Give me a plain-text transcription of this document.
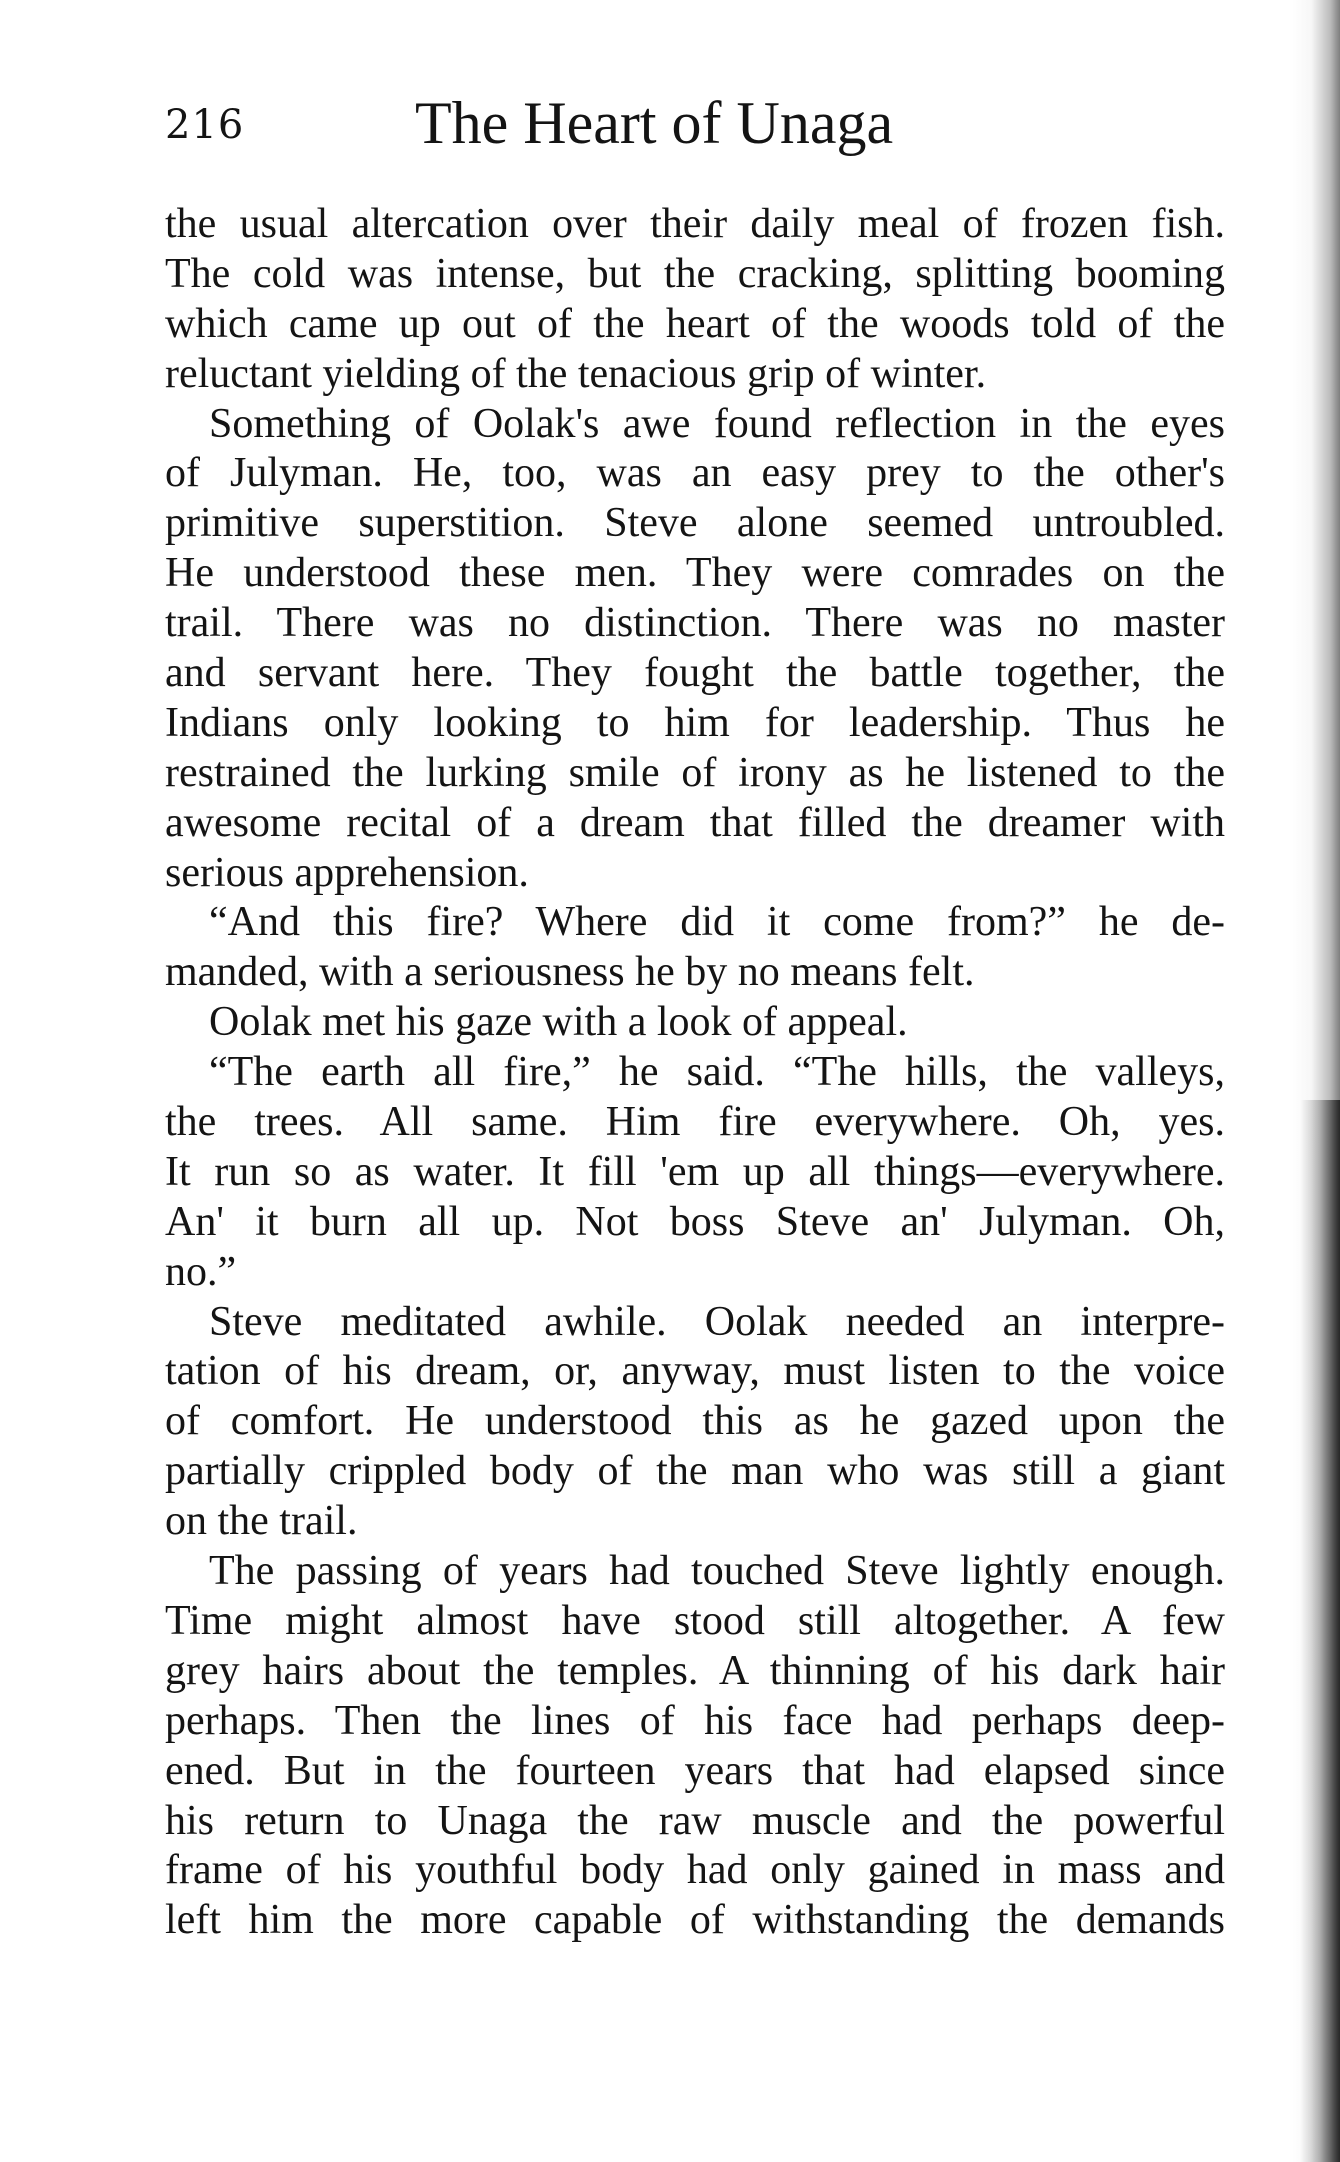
216	The Heart of Unaga
the usual altercation over their daily meal of frozen fish.
The cold was intense, but the cracking, splitting booming
which came up out of the heart of the woods told of the
reluctant yielding of the tenacious grip of winter.
Something of Oolak's awe found reflection in the eyes
of Julyman. He, too, was an easy prey to the other's
primitive superstition. Steve alone seemed untroubled.
He understood these men. They were comrades on the
trail. There was no distinction. There was no master
and servant here. They fought the battle together, the
Indians only looking to him for leadership. Thus he
restrained the lurking smile of irony as he listened to the
awesome recital of a dream that filled the dreamer with
serious apprehension.
“And this fire? Where did it come from?” he de-
manded, with a seriousness he by no means felt.
Oolak met his gaze with a look of appeal.
“The earth all fire,” he said. “The hills, the valleys,
the trees. All same. Him fire everywhere. Oh, yes.
It run so as water. It fill 'em up all things—everywhere.
An' it burn all up. Not boss Steve an' Julyman. Oh,
no.”
Steve meditated awhile. Oolak needed an interpre-
tation of his dream, or, anyway, must listen to the voice
of comfort. He understood this as he gazed upon the
partially crippled body of the man who was still a giant
on the trail.
The passing of years had touched Steve lightly enough.
Time might almost have stood still altogether. A few
grey hairs about the temples. A thinning of his dark hair
perhaps. Then the lines of his face had perhaps deep-
ened. But in the fourteen years that had elapsed since
his return to Unaga the raw muscle and the powerful
frame of his youthful body had only gained in mass and
left him the more capable of withstanding the demands
